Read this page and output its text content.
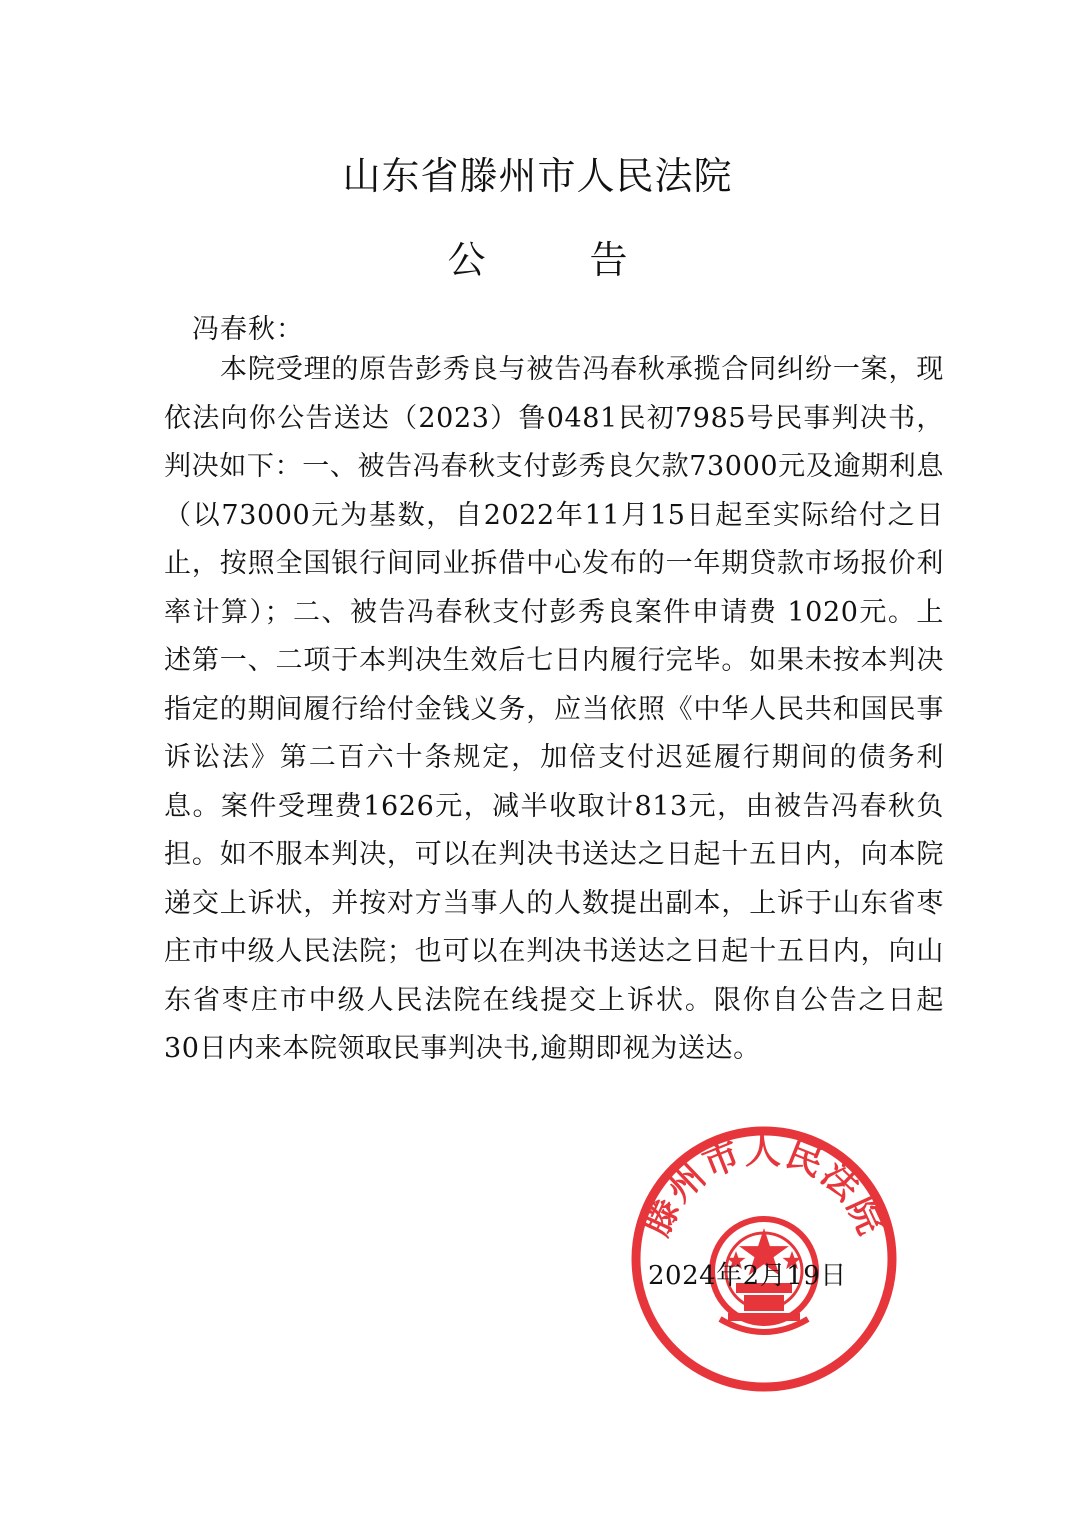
山东省滕州市人民法院
公 告
冯春秋：

本院受理的原告彭秀良与被告冯春秋承揽合同纠纷一案，现依法向你公告送达（2023）鲁0481民初7985号民事判决书，判决如下：一、被告冯春秋支付彭秀良欠款73000元及逾期利息（以73000元为基数，自2022年11月15日起至实际给付之日止，按照全国银行间同业拆借中心发布的一年期贷款市场报价利率计算）；二、被告冯春秋支付彭秀良案件申请费 1020元。上述第一、二项于本判决生效后七日内履行完毕。如果未按本判决指定的期间履行给付金钱义务，应当依照《中华人民共和国民事诉讼法》第二百六十条规定，加倍支付迟延履行期间的债务利息。案件受理费1626元，减半收取计813元，由被告冯春秋负担。如不服本判决，可以在判决书送达之日起十五日内，向本院递交上诉状，并按对方当事人的人数提出副本，上诉于山东省枣庄市中级人民法院；也可以在判决书送达之日起十五日内，向山东省枣庄市中级人民法院在线提交上诉状。限你自公告之日起30日内来本院领取民事判决书,逾期即视为送达。

滕州市人民法院
2024年2月19日
